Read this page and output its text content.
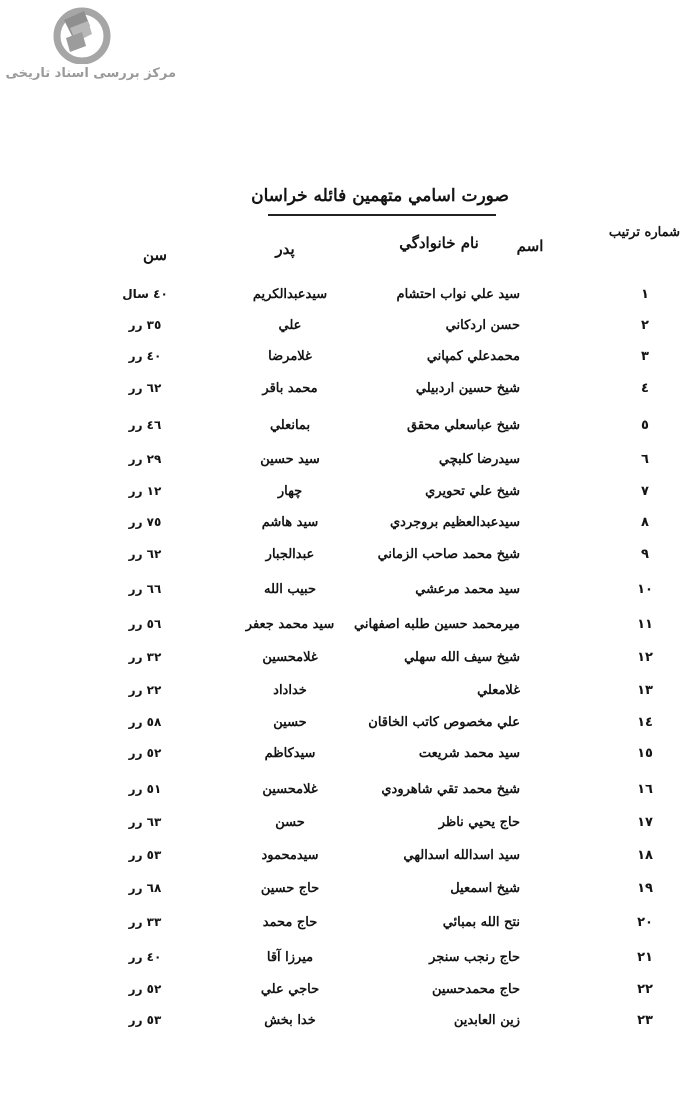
مرکز بررسی اسناد تاریخی
صورت اسامي متهمين فائله خراسان
شماره ترتيب
اسم
نام خانوادگي
پدر
سن
١
سيد علي نواب احتشام
سيدعبدالكريم
٤٠ سال
٢
حسن اردکاني
علي
٣٥ رر
٣
محمدعلي کمپاني
غلامرضا
٤٠ رر
٤
شيخ حسين اردبيلي
محمد باقر
٦٢ رر
٥
شيخ عباسعلي محقق
بمانعلي
٤٦ رر
٦
سيدرضا کلبچي
سيد حسين
٢٩ رر
٧
شيخ علي تحويري
چهار
١٢ رر
٨
سيدعبدالعظيم بروجردي
سيد هاشم
٧٥ رر
٩
شيخ محمد صاحب الزماني
عبدالجبار
٦٢ رر
١٠
سيد محمد مرعشي
حبيب الله
٦٦ رر
١١
ميرمحمد حسين طلبه اصفهاني
سيد محمد جعفر
٥٦ رر
١٢
شيخ سيف الله سهلي
غلامحسين
٣٢ رر
١٣
غلامعلي
خداداد
٢٢ رر
١٤
علي مخصوص کاتب الخاقان
حسين
٥٨ رر
١٥
سيد محمد شريعت
سيدکاظم
٥٢ رر
١٦
شيخ محمد تقي شاهرودي
غلامحسين
٥١ رر
١٧
حاج يحيي ناظر
حسن
٦٣ رر
١٨
سيد اسدالله اسدالهي
سيدمحمود
٥٣ رر
١٩
شيخ اسمعيل
حاج حسين
٦٨ رر
٢٠
نتح الله بمبائي
حاج محمد
٣٣ رر
٢١
حاج رنجب سنجر
ميرزا آقا
٤٠ رر
٢٢
حاج محمدحسين
حاجي علي
٥٢ رر
٢٣
زين العابدين
خدا بخش
٥٣ رر
